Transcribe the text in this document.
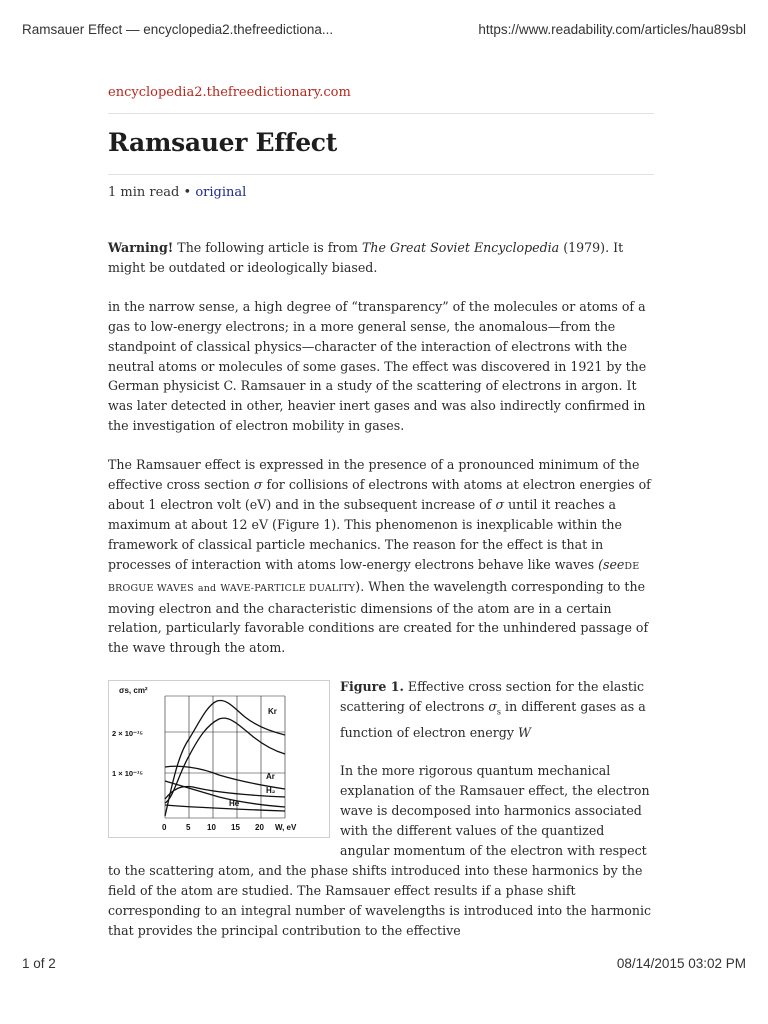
Ramsauer Effect — encyclopedia2.thefreedictiona...	https://www.readability.com/articles/hau89sbl
encyclopedia2.thefreedictionary.com
Ramsauer Effect
1 min read • original

Warning! The following article is from The Great Soviet Encyclopedia (1979). It might be outdated or ideologically biased.

in the narrow sense, a high degree of “transparency” of the molecules or atoms of a gas to low-energy electrons; in a more general sense, the anomalous—from the standpoint of classical physics—character of the interaction of electrons with the neutral atoms or molecules of some gases. The effect was discovered in 1921 by the German physicist C. Ramsauer in a study of the scattering of electrons in argon. It was later detected in other, heavier inert gases and was also indirectly confirmed in the investigation of electron mobility in gases.

The Ramsauer effect is expressed in the presence of a pronounced minimum of the effective cross section σ for collisions of electrons with atoms at electron energies of about 1 electron volt (eV) and in the subsequent increase of σ until it reaches a maximum at about 12 eV (Figure 1). This phenomenon is inexplicable within the framework of classical particle mechanics. The reason for the effect is that in processes of interaction with atoms low-energy electrons behave like waves (seeDE BROGUE WAVES and WAVE-PARTICLE DUALITY). When the wavelength corresponding to the moving electron and the characteristic dimensions of the atom are in a certain relation, particularly favorable conditions are created for the unhindered passage of the wave through the atom.

σs, cm²
2 × 10⁻¹⁵
1 × 10⁻¹⁵
Kr
Ar
H₂
He
0 5 10 15 20 W, eV

Figure 1. Effective cross section for the elastic scattering of electrons $\sigma_s$ in different gases as a function of electron energy W

In the more rigorous quantum mechanical explanation of the Ramsauer effect, the electron wave is decomposed into harmonics associated with the different values of the quantized angular momentum of the electron with respect to the scattering atom, and the phase shifts introduced into these harmonics by the field of the atom are studied. The Ramsauer effect results if a phase shift corresponding to an integral number of wavelengths is introduced into the harmonic that provides the principal contribution to the effective

1 of 2	08/14/2015 03:02 PM
